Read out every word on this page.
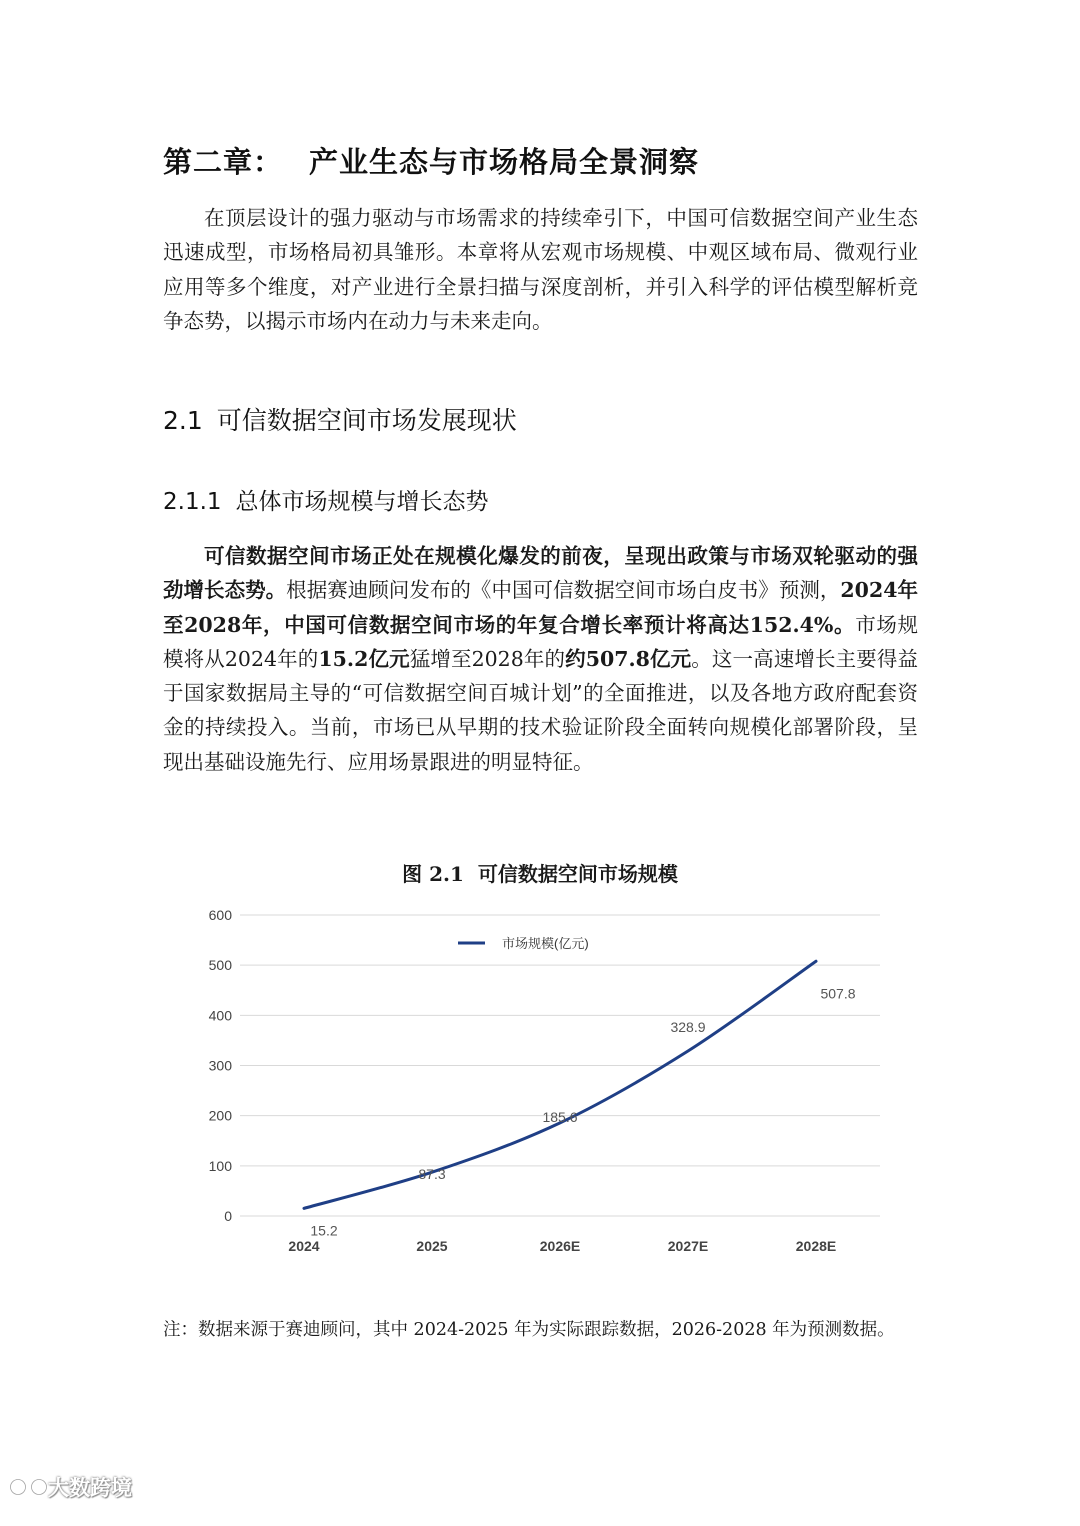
第二章： 产业生态与市场格局全景洞察

在顶层设计的强力驱动与市场需求的持续牵引下，中国可信数据空间产业生态迅速成型，市场格局初具雏形。本章将从宏观市场规模、中观区域布局、微观行业应用等多个维度，对产业进行全景扫描与深度剖析，并引入科学的评估模型解析竞争态势，以揭示市场内在动力与未来走向。

2.1 可信数据空间市场发展现状
2.1.1 总体市场规模与增长态势

可信数据空间市场正处在规模化爆发的前夜，呈现出政策与市场双轮驱动的强劲增长态势。根据赛迪顾问发布的《中国可信数据空间市场白皮书》预测，2024年至2028年，中国可信数据空间市场的年复合增长率预计将高达152.4%。市场规模将从2024年的15.2亿元猛增至2028年的约507.8亿元。这一高速增长主要得益于国家数据局主导的“可信数据空间百城计划”的全面推进，以及各地方政府配套资金的持续投入。当前，市场已从早期的技术验证阶段全面转向规模化部署阶段，呈现出基础设施先行、应用场景跟进的明显特征。

图 2.1 可信数据空间市场规模
0
100
200
300
400
500
600
2024	2025	2026E	2027E	2028E
15.2
87.3
185.6
328.9
507.8
市场规模(亿元)
注：数据来源于赛迪顾问，其中 2024-2025 年为实际跟踪数据，2026-2028 年为预测数据。
大数跨境
